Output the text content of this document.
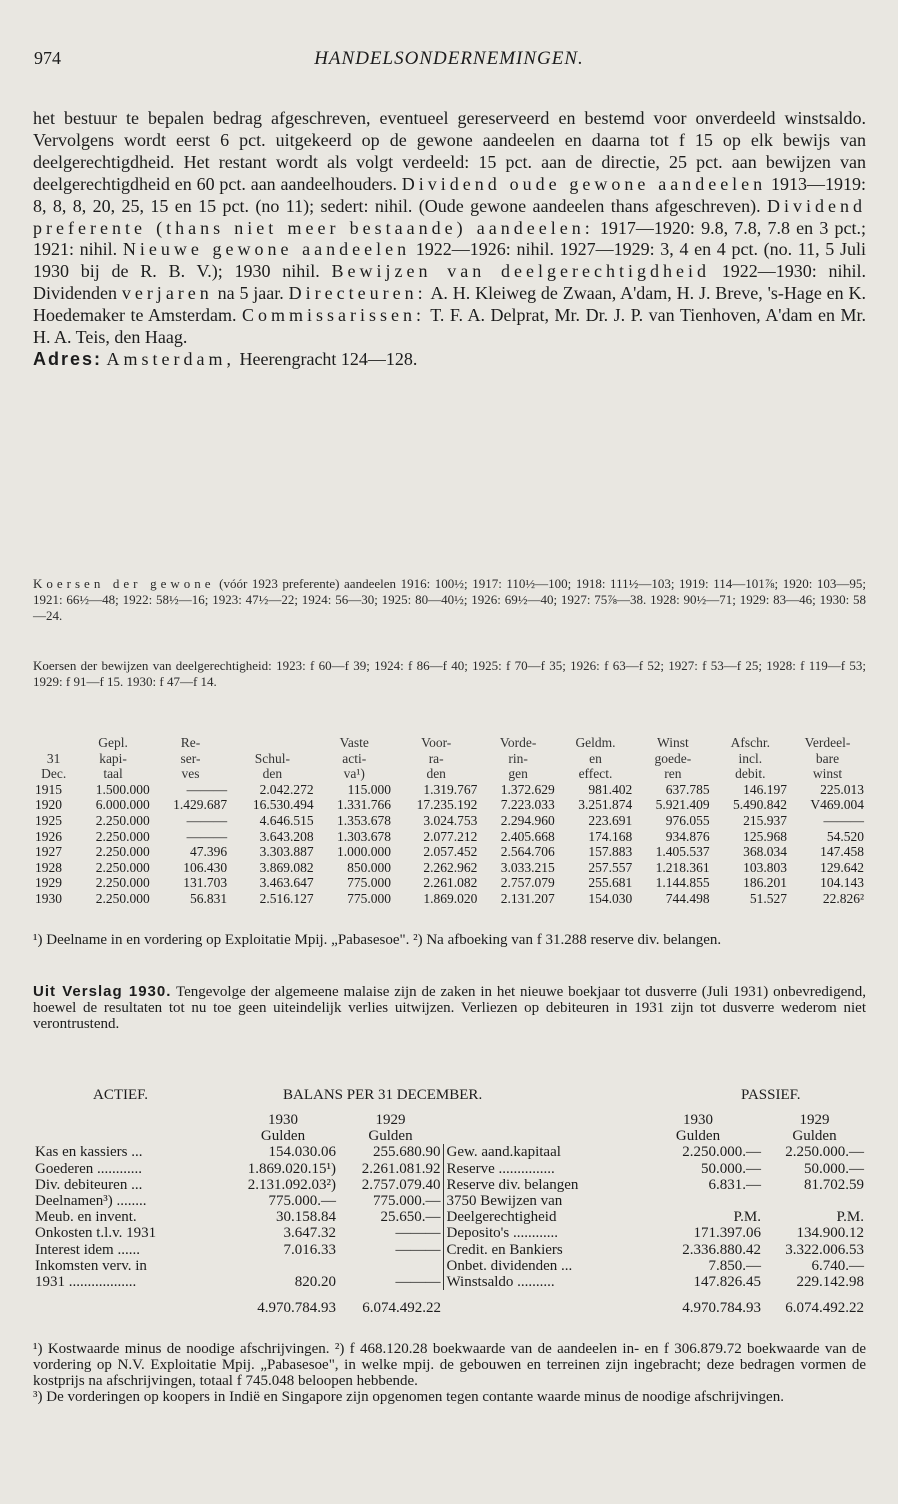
974	HANDELSONDERNEMINGEN.
het bestuur te bepalen bedrag afgeschreven, eventueel gereserveerd en bestemd voor onverdeeld winstsaldo. Vervolgens wordt eerst 6 pct. uitgekeerd op de gewone aandeelen en daarna tot f 15 op elk bewijs van deelgerechtigdheid. Het restant wordt als volgt verdeeld: 15 pct. aan de directie, 25 pct. aan bewijzen van deelgerechtigdheid en 60 pct. aan aandeelhouders. Dividend oude gewone aandeelen 1913—1919: 8, 8, 8, 20, 25, 15 en 15 pct. (no 11); sedert: nihil. (Oude gewone aandeelen thans afgeschreven). Dividend preferente (thans niet meer bestaande) aandeelen: 1917—1920: 9.8, 7.8, 7.8 en 3 pct.; 1921: nihil. Nieuwe gewone aandeelen 1922—1926: nihil. 1927—1929: 3, 4 en 4 pct. (no. 11, 5 Juli 1930 bij de R. B. V.); 1930 nihil. Bewijzen van deelgerechtigdheid 1922—1930: nihil. Dividenden verjaren na 5 jaar. Directeuren: A. H. Kleiweg de Zwaan, A'dam, H. J. Breve, 's-Hage en K. Hoedemaker te Amsterdam. Commissarissen: T. F. A. Delprat, Mr. Dr. J. P. van Tienhoven, A'dam en Mr. H. A. Teis, den Haag.
Adres: Amsterdam, Heerengracht 124—128.

Koersen der gewone (vóór 1923 preferente) aandeelen 1916: 100½; 1917: 110½—100; 1918: 111½—103; 1919: 114—101⅞; 1920: 103—95; 1921: 66½—48; 1922: 58½—16; 1923: 47½—22; 1924: 56—30; 1925: 80—40½; 1926: 69½—40; 1927: 75⅞—38. 1928: 90½—71; 1929: 83—46; 1930: 58—24.

Koersen der bewijzen van deelgerechtigheid: 1923: f 60—f 39; 1924: f 86—f 40; 1925: f 70—f 35; 1926: f 63—f 52; 1927: f 53—f 25; 1928: f 119—f 53; 1929: f 91—f 15. 1930: f 47—f 14.

	Gepl.	Re-		Vaste	Voor-	Vorde-	Geldm.	Winst	Afschr.	Verdeel-
31	kapi-	ser-	Schul-	acti-	ra-	rin-	en	goede-	incl.	bare
Dec.	taal	ves	den	va¹)	den	gen	effect.	ren	debit.	winst
1915	1.500.000	———	2.042.272	115.000	1.319.767	1.372.629	981.402	637.785	146.197	225.013
1920	6.000.000	1.429.687	16.530.494	1.331.766	17.235.192	7.223.033	3.251.874	5.921.409	5.490.842	V469.004
1925	2.250.000	———	4.646.515	1.353.678	3.024.753	2.294.960	223.691	976.055	215.937	———
1926	2.250.000	———	3.643.208	1.303.678	2.077.212	2.405.668	174.168	934.876	125.968	54.520
1927	2.250.000	47.396	3.303.887	1.000.000	2.057.452	2.564.706	157.883	1.405.537	368.034	147.458
1928	2.250.000	106.430	3.869.082	850.000	2.262.962	3.033.215	257.557	1.218.361	103.803	129.642
1929	2.250.000	131.703	3.463.647	775.000	2.261.082	2.757.079	255.681	1.144.855	186.201	104.143
1930	2.250.000	56.831	2.516.127	775.000	1.869.020	2.131.207	154.030	744.498	51.527	22.826²
¹) Deelname in en vordering op Exploitatie Mpij. „Pabasesoe". ²) Na afboeking van f 31.288 reserve div. belangen.
Uit Verslag 1930. Tengevolge der algemeene malaise zijn de zaken in het nieuwe boekjaar tot dusverre (Juli 1931) onbevredigend, hoewel de resultaten tot nu toe geen uiteindelijk verlies uitwijzen. Verliezen op debiteuren in 1931 zijn tot dusverre wederom niet verontrustend.
ACTIEF.	BALANS PER 31 DECEMBER.	PASSIEF.
	1930	1929		1930	1929
	Gulden	Gulden		Gulden	Gulden
Kas en kassiers ...	154.030.06	255.680.90	Gew. aand.kapitaal	2.250.000.—	2.250.000.—
Goederen ............	1.869.020.15¹)	2.261.081.92	Reserve ...............	50.000.—	50.000.—
Div. debiteuren ...	2.131.092.03²)	2.757.079.40	Reserve div. belangen	6.831.—	81.702.59
Deelnamen³) ........	775.000.—	775.000.—	3750 Bewijzen van		
Meub. en invent.	30.158.84	25.650.—	Deelgerechtigheid	P.M.	P.M.
Onkosten t.l.v. 1931	3.647.32	———	Deposito's ............	171.397.06	134.900.12
Interest idem ......	7.016.33	———	Credit. en Bankiers	2.336.880.42	3.322.006.53
Inkomsten verv. in			Onbet. dividenden ...	7.850.—	6.740.—
1931 ..................	820.20	———	Winstsaldo ..........	147.826.45	229.142.98
	4.970.784.93	6.074.492.22		4.970.784.93	6.074.492.22

¹) Kostwaarde minus de noodige afschrijvingen. ²) f 468.120.28 boekwaarde van de aandeelen in- en f 306.879.72 boekwaarde van de vordering op N.V. Exploitatie Mpij. „Pabasesoe", in welke mpij. de gebouwen en terreinen zijn ingebracht; deze bedragen vormen de kostprijs na afschrijvingen, totaal f 745.048 beloopen hebbende.

³) De vorderingen op koopers in Indië en Singapore zijn opgenomen tegen contante waarde minus de noodige afschrijvingen.
